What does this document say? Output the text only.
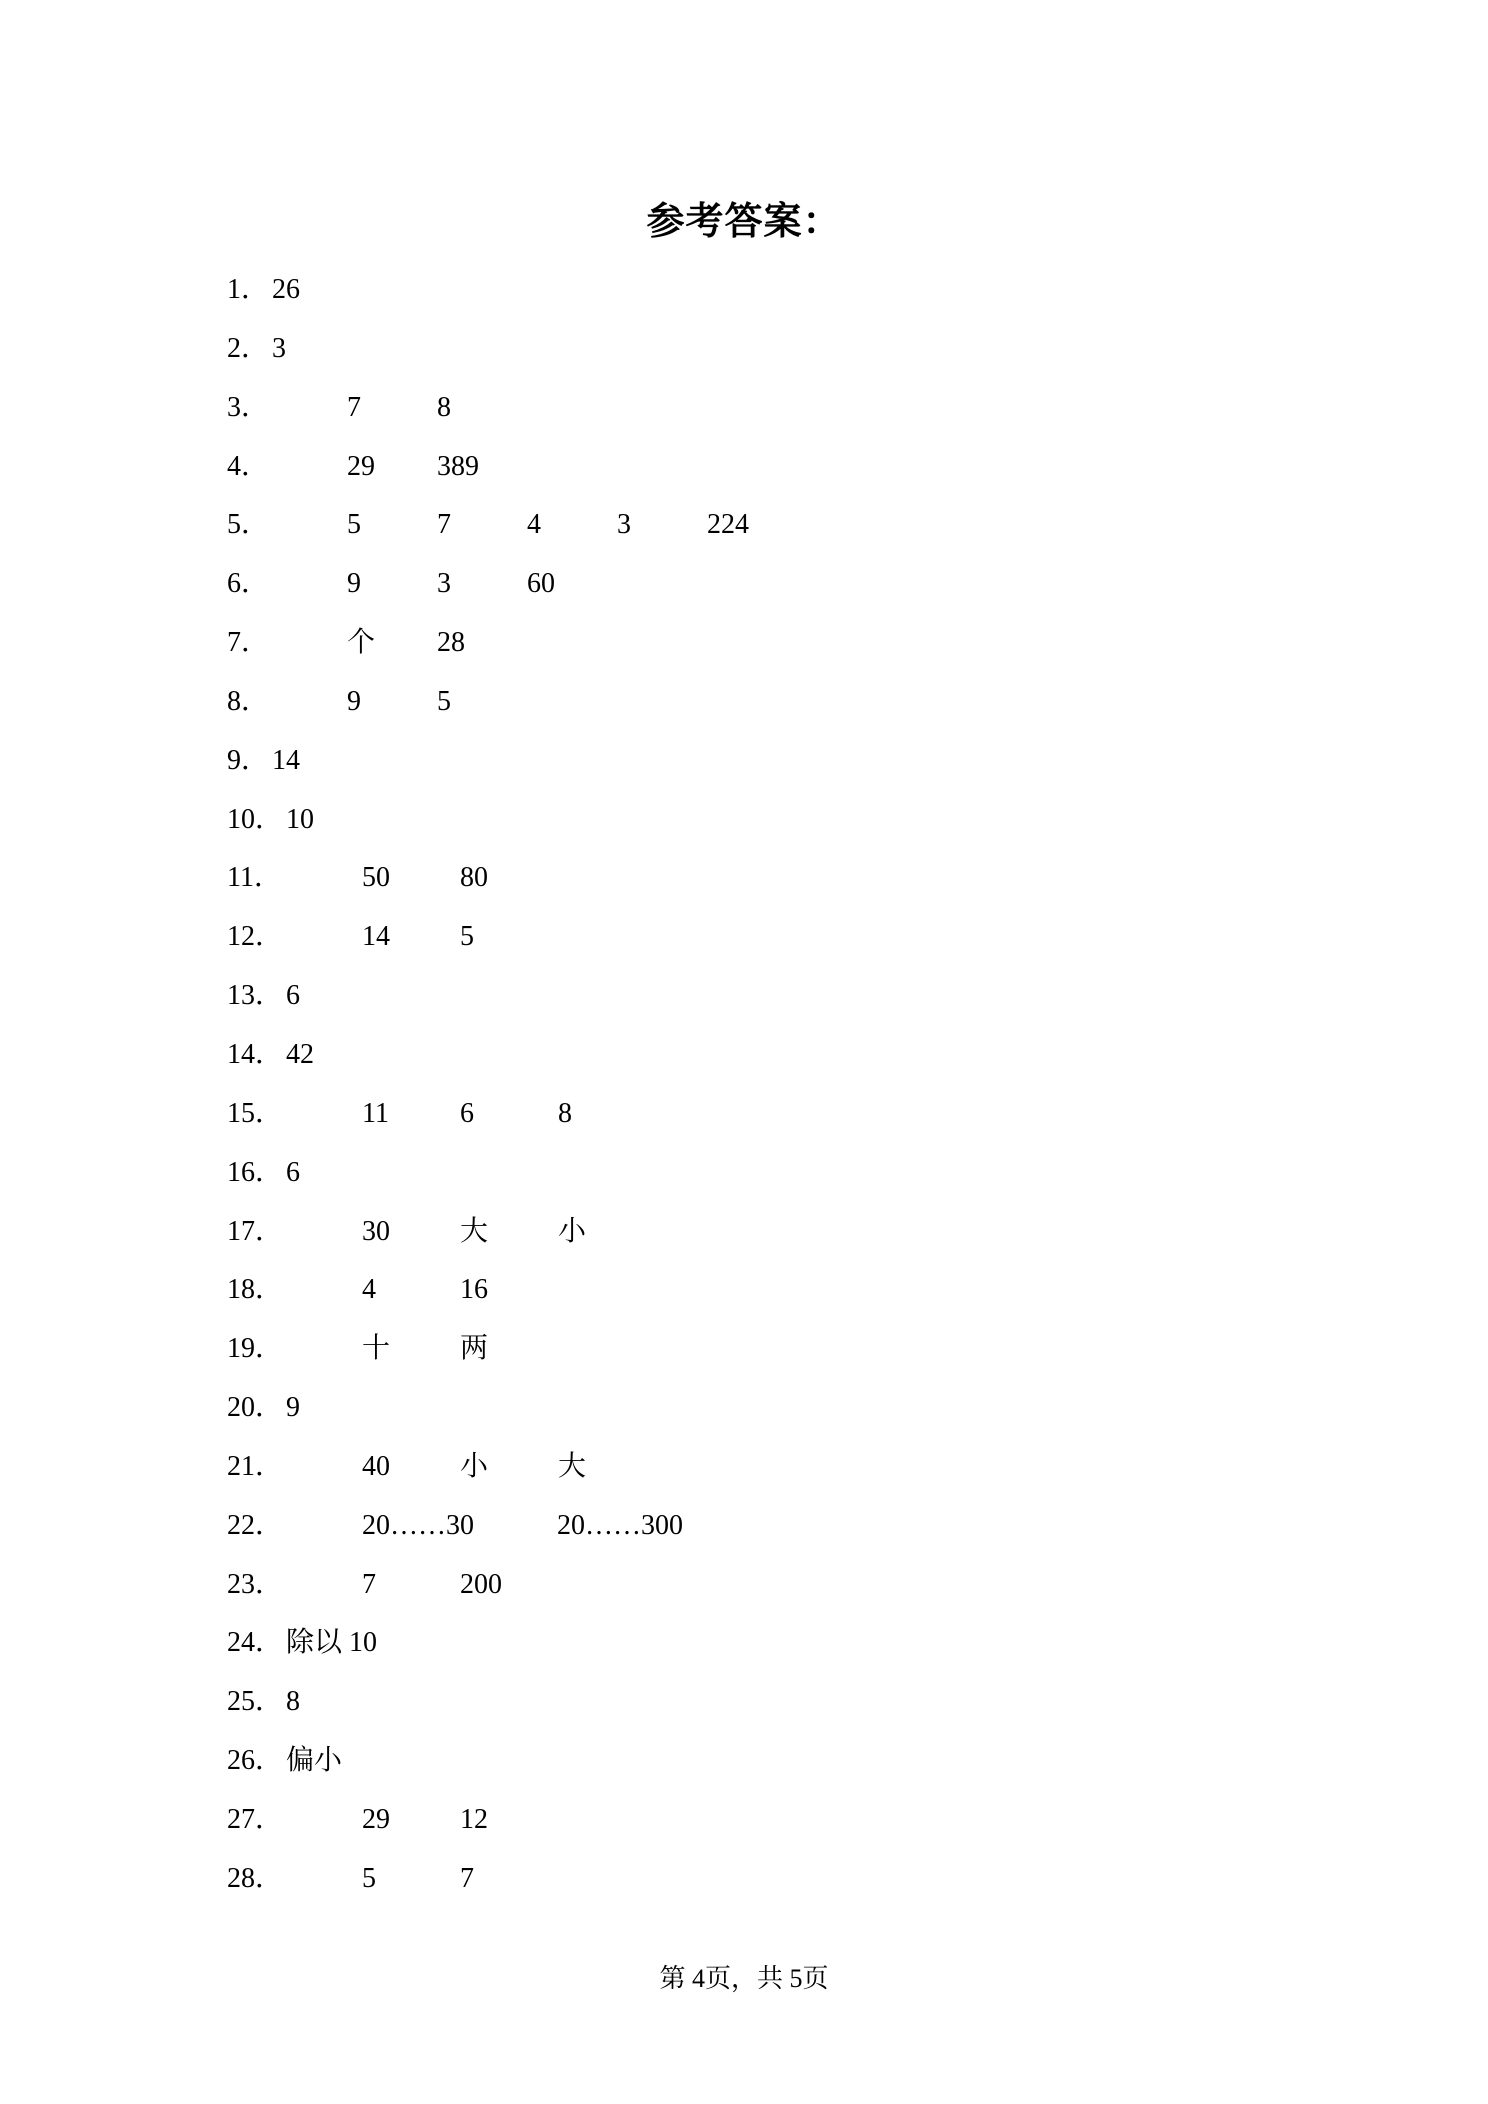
参考答案：
1． 26
2． 3
3．	7	8
4．	29 389
5．	5	7	4	3	224
6．	9	3	60
7．	个 28
8．	9	5
9． 14
10． 10
11．	50	80
12．	14	5
13． 6
14． 42
15．	11	6	8
16． 6
17．	30	大 小
18．	4	16
19．	十 两
20． 9
21．	40	小 大
22．	20……30	20……300
23．	7	200
24． 除以 10
25． 8
26． 偏小
27．	29	12
28．	5	7
第 4页，共 5页
